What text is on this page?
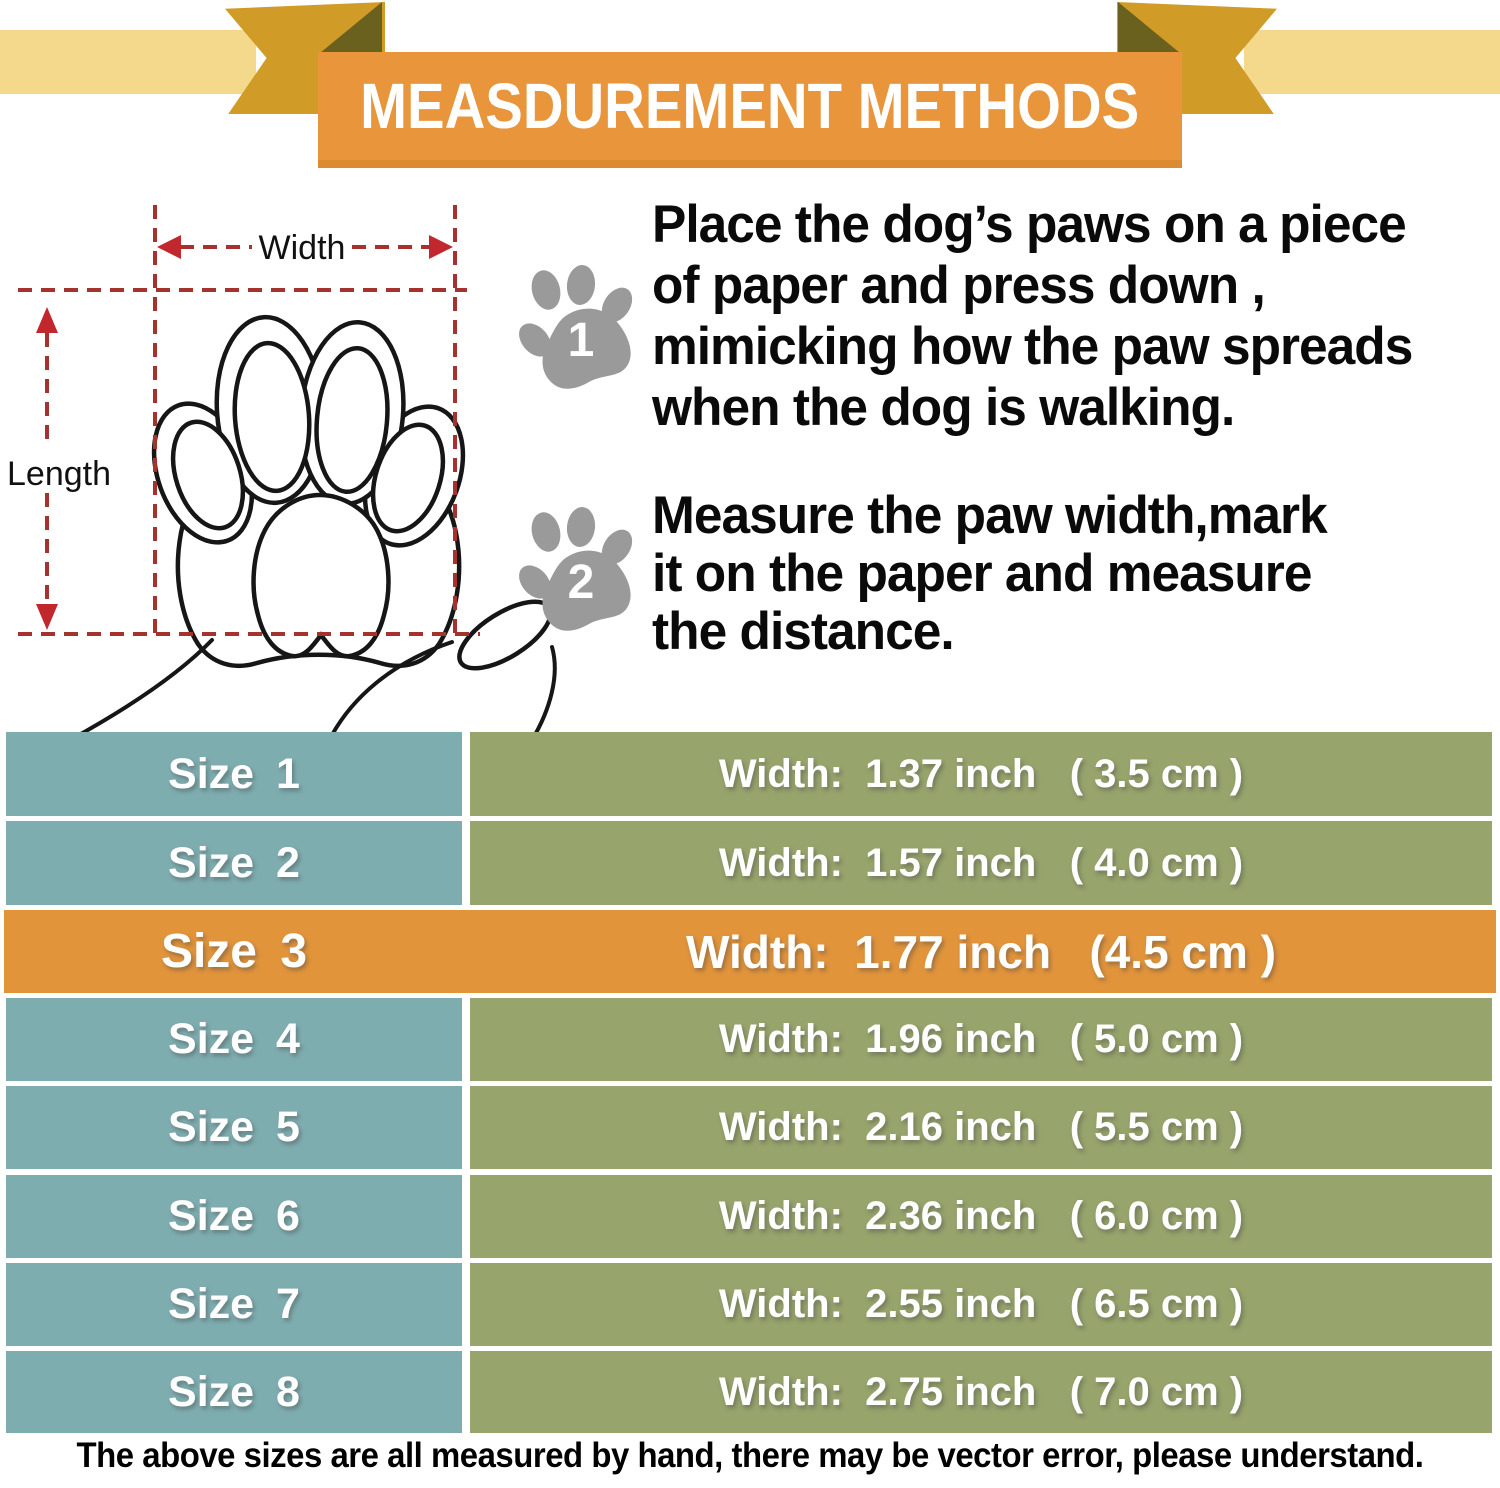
MEASDUREMENT METHODS
Width
Length
1
2
Place the dog’s paws on a piece
of paper and press down ,
mimicking how the paw spreads
when the dog is walking.
Measure the paw width,mark
it on the paper and measure
the distance.
Size 1	Width:  1.37 inch   ( 3.5 cm )
Size 2	Width:  1.57 inch   ( 4.0 cm )
Size 3	Width:  1.77 inch   (4.5 cm )
Size 4	Width:  1.96 inch   ( 5.0 cm )
Size 5	Width:  2.16 inch   ( 5.5 cm )
Size 6	Width:  2.36 inch   ( 6.0 cm )
Size 7	Width:  2.55 inch   ( 6.5 cm )
Size 8	Width:  2.75 inch   ( 7.0 cm )
The above sizes are all measured by hand, there may be vector error, please understand.
